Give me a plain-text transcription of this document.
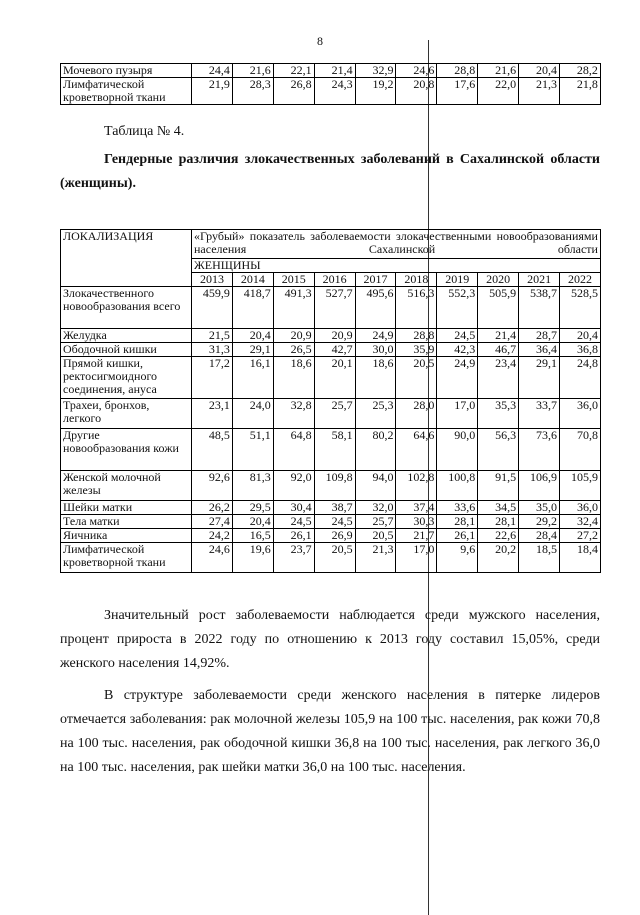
8
Мочевого пузыря	24,4	21,6	22,1	21,4	32,9	24,6	28,8	21,6	20,4	28,2
Лимфатической кроветворной ткани	21,9	28,3	26,8	24,3	19,2	20,8	17,6	22,0	21,3	21,8
Таблица № 4.
Гендерные различия злокачественных заболеваний в Сахалинской области (женщины).
ЛОКАЛИЗАЦИЯ	«Грубый» показатель заболеваемости злокачественными новообразованиями населения Сахалинской области									

	ЖЕНЩИНЫ									
	2013	2014	2015	2016	2017	2018	2019	2020	2021	2022
Злокачественного новообразования всего	459,9	418,7	491,3	527,7	495,6	516,3	552,3	505,9	538,7	528,5
Желудка	21,5	20,4	20,9	20,9	24,9	28,8	24,5	21,4	28,7	20,4
Ободочной кишки	31,3	29,1	26,5	42,7	30,0	35,9	42,3	46,7	36,4	36,8
Прямой кишки, ректосигмоидного соединения, ануса	17,2	16,1	18,6	20,1	18,6	20,5	24,9	23,4	29,1	24,8
Трахеи, бронхов, легкого	23,1	24,0	32,8	25,7	25,3	28,0	17,0	35,3	33,7	36,0
Другие новообразования кожи	48,5	51,1	64,8	58,1	80,2	64,6	90,0	56,3	73,6	70,8
Женской молочной железы	92,6	81,3	92,0	109,8	94,0	102,8	100,8	91,5	106,9	105,9
Шейки матки	26,2	29,5	30,4	38,7	32,0	37,4	33,6	34,5	35,0	36,0
Тела матки	27,4	20,4	24,5	24,5	25,7	30,3	28,1	28,1	29,2	32,4
Яичника	24,2	16,5	26,1	26,9	20,5	21,7	26,1	22,6	28,4	27,2
Лимфатической кроветворной ткани	24,6	19,6	23,7	20,5	21,3	17,0	9,6	20,2	18,5	18,4

Значительный рост заболеваемости наблюдается среди мужского населения, процент прироста в 2022 году по отношению к 2013 году составил 15,05%, среди женского населения 14,92%.

В структуре заболеваемости среди женского населения в пятерке лидеров отмечается заболевания: рак молочной железы 105,9 на 100 тыс. населения, рак кожи 70,8 на 100 тыс. населения, рак ободочной кишки 36,8 на 100 тыс. населения, рак легкого 36,0 на 100 тыс. населения, рак шейки матки 36,0 на 100 тыс. населения.
